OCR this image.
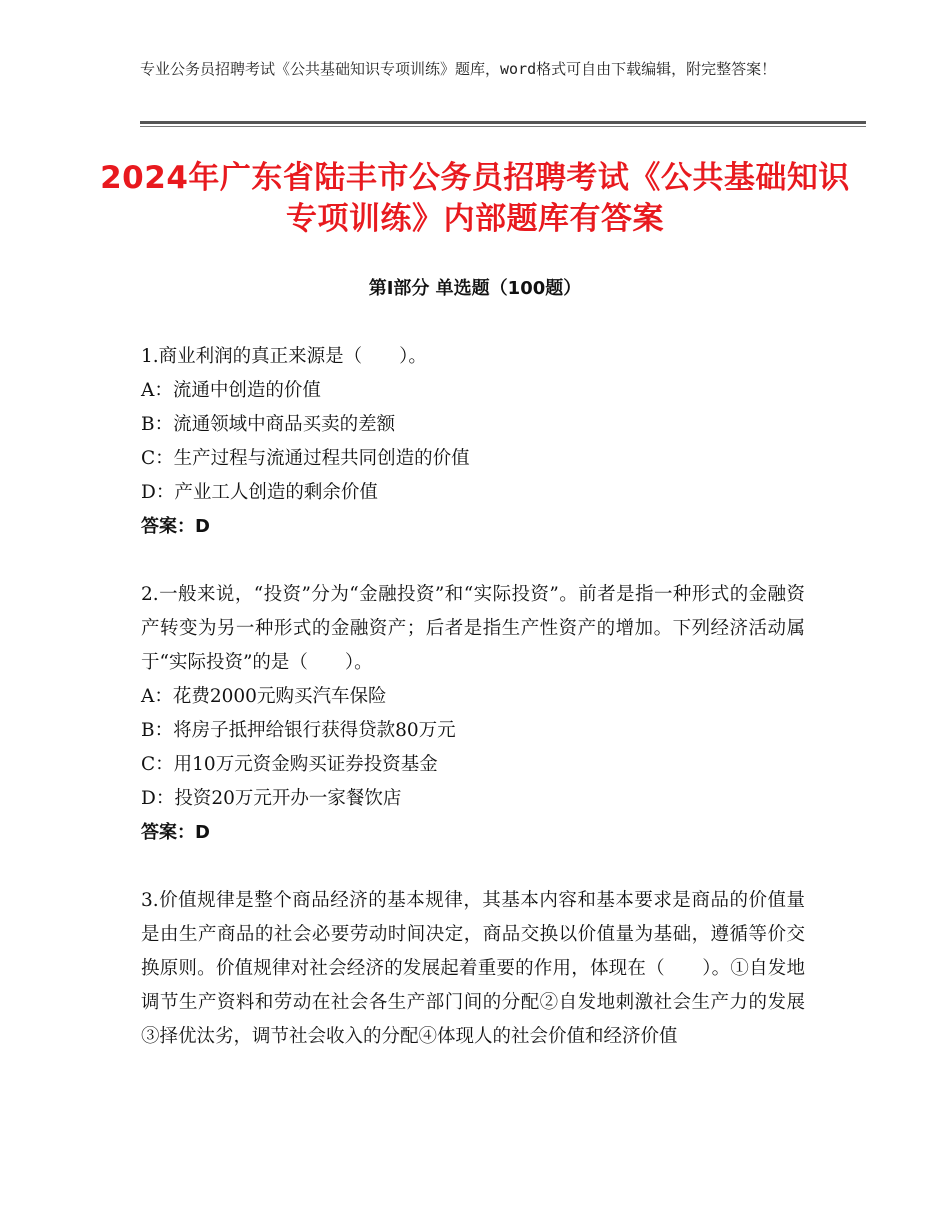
专业公务员招聘考试《公共基础知识专项训练》题库，word格式可自由下载编辑，附完整答案！
2024年广东省陆丰市公务员招聘考试《公共基础知识专项训练》内部题库有答案
第I部分 单选题（100题）

1.商业利润的真正来源是（　　）。

A：流通中创造的价值

B：流通领域中商品买卖的差额

C：生产过程与流通过程共同创造的价值

D：产业工人创造的剩余价值

答案：D

2.一般来说，“投资”分为“金融投资”和“实际投资”。前者是指一种形式的金融资产转变为另一种形式的金融资产；后者是指生产性资产的增加。下列经济活动属于“实际投资”的是（　　）。

A：花费2000元购买汽车保险

B：将房子抵押给银行获得贷款80万元

C：用10万元资金购买证券投资基金

D：投资20万元开办一家餐饮店

答案：D

3.价值规律是整个商品经济的基本规律，其基本内容和基本要求是商品的价值量是由生产商品的社会必要劳动时间决定，商品交换以价值量为基础，遵循等价交换原则。价值规律对社会经济的发展起着重要的作用，体现在（　　）。①自发地调节生产资料和劳动在社会各生产部门间的分配②自发地刺激社会生产力的发展③择优汰劣，调节社会收入的分配④体现人的社会价值和经济价值
